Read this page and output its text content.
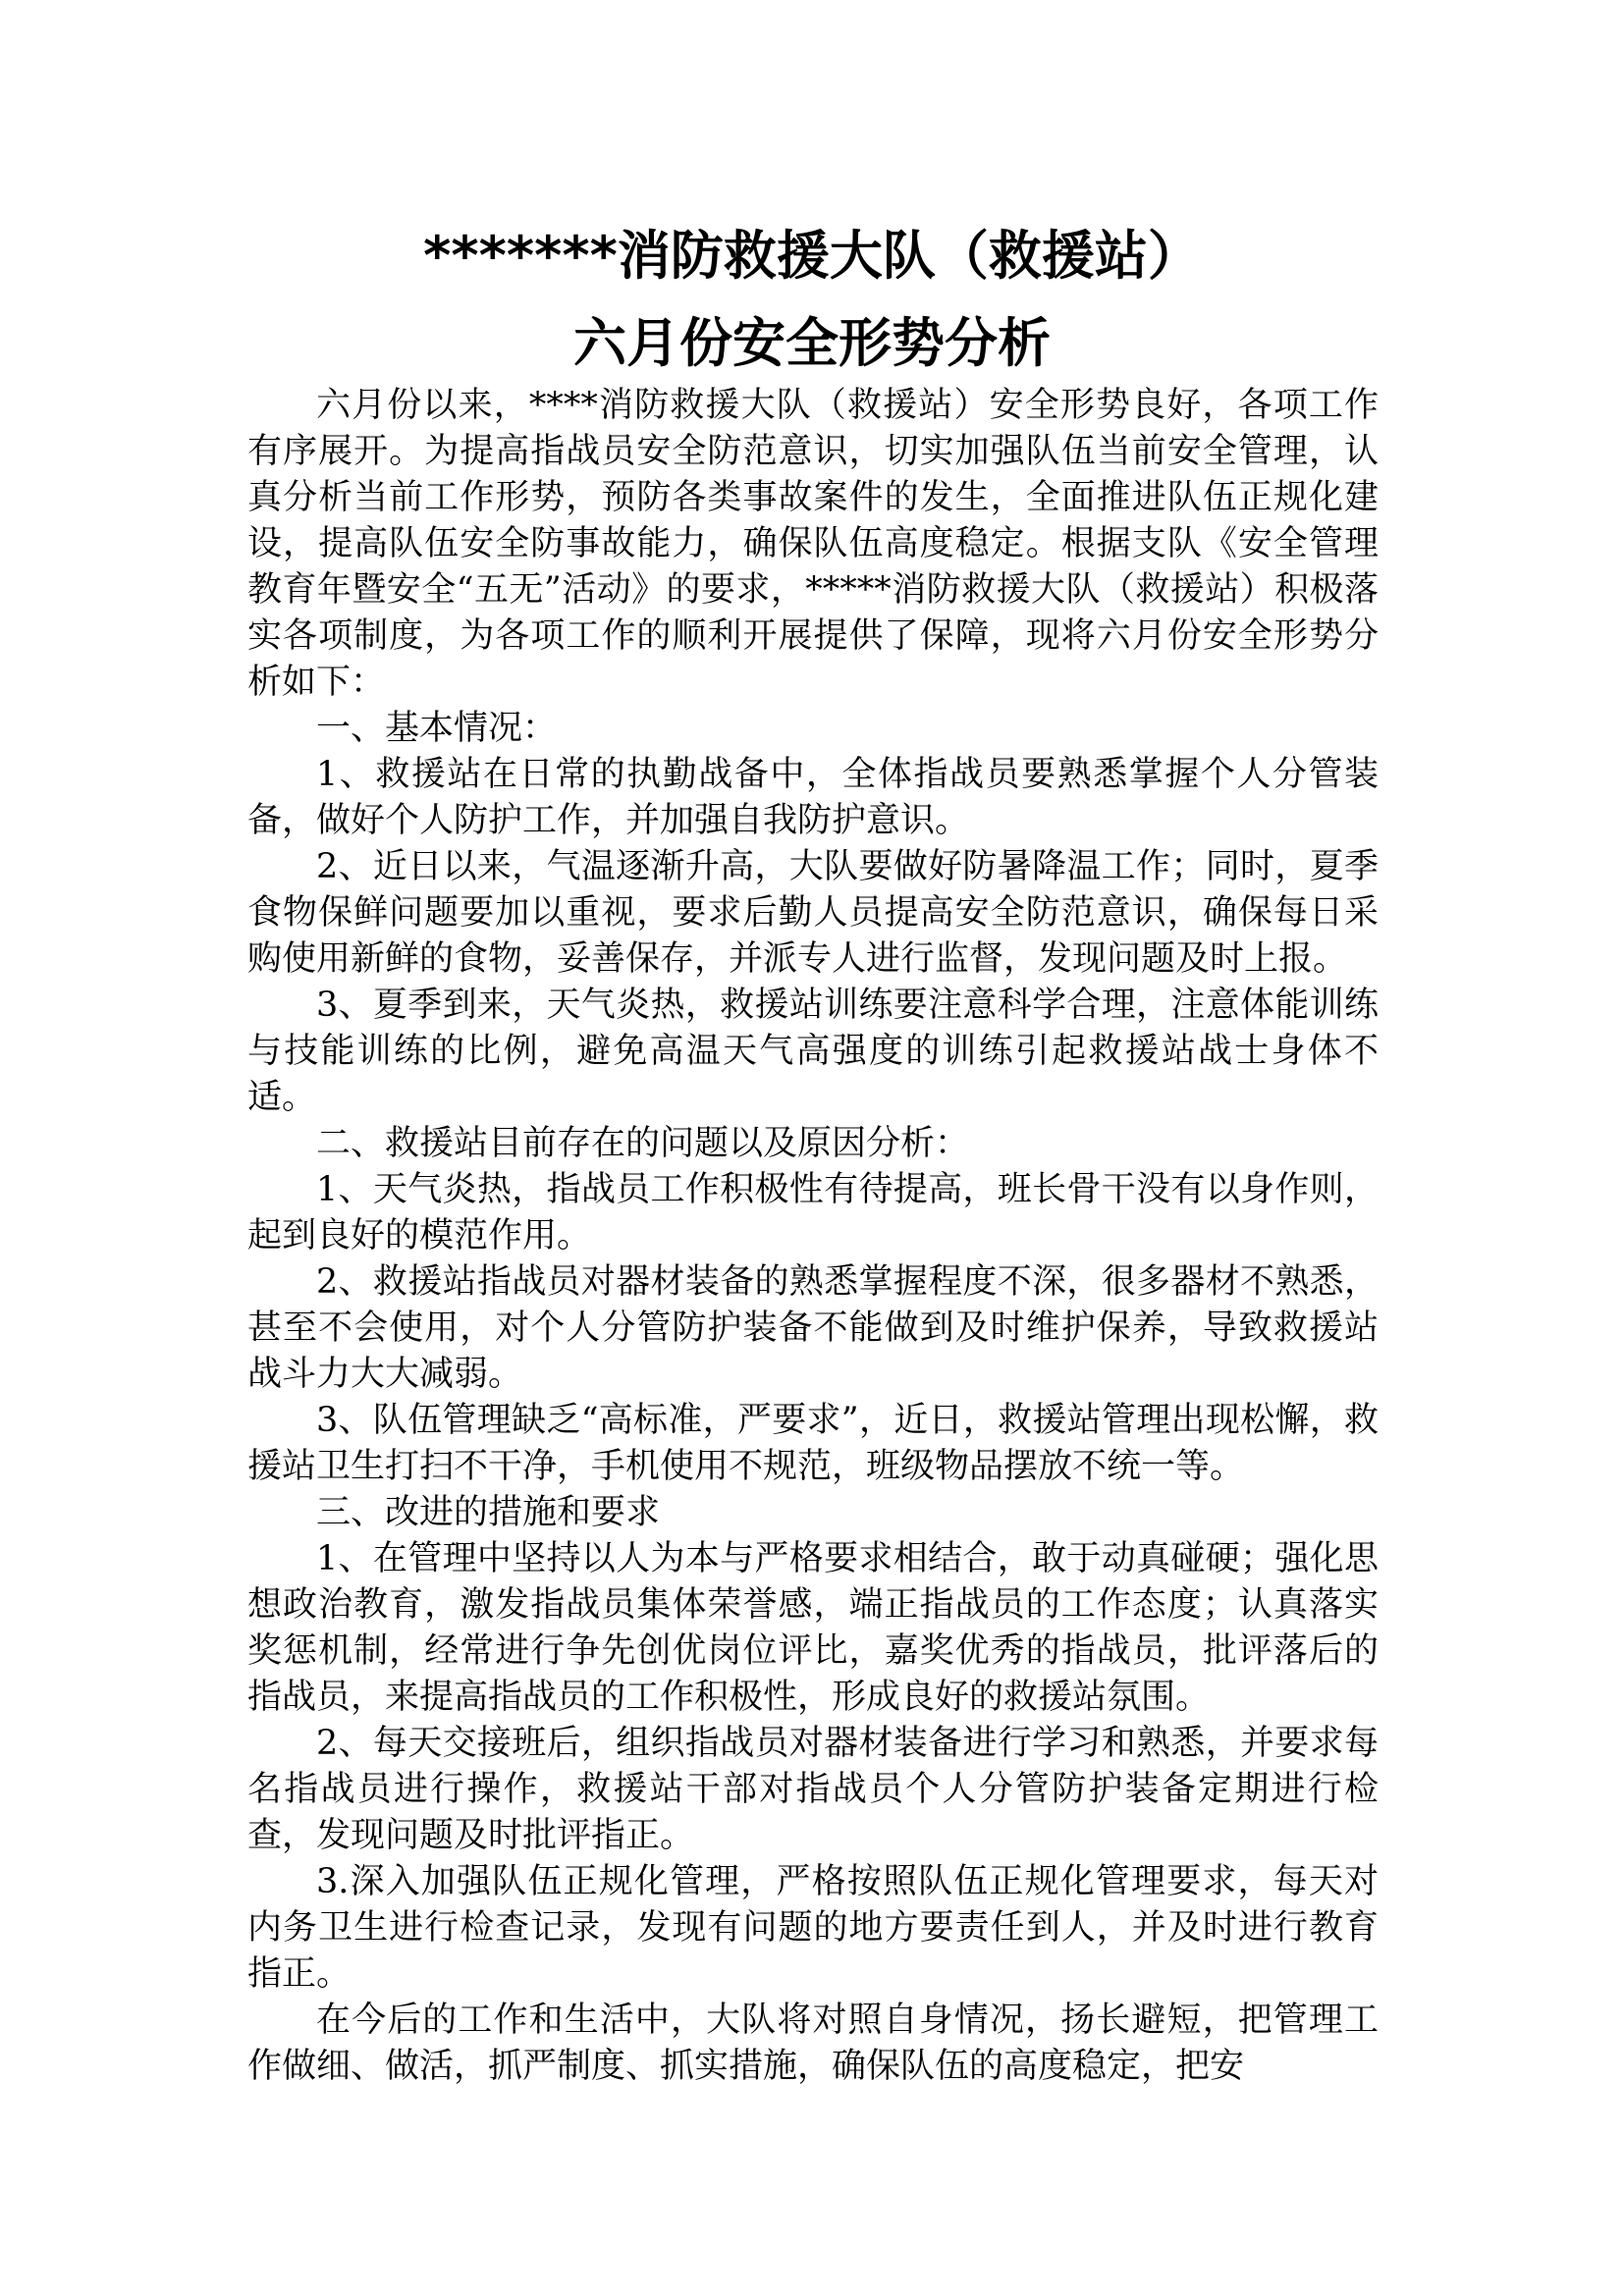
*******消防救援大队（救援站）
六月份安全形势分析

六月份以来，****消防救援大队（救援站）安全形势良好，各项工作有序展开。为提高指战员安全防范意识，切实加强队伍当前安全管理，认真分析当前工作形势，预防各类事故案件的发生，全面推进队伍正规化建设，提高队伍安全防事故能力，确保队伍高度稳定。根据支队《安全管理教育年暨安全“五无”活动》的要求，*****消防救援大队（救援站）积极落实各项制度，为各项工作的顺利开展提供了保障，现将六月份安全形势分析如下：

一、基本情况：

1、救援站在日常的执勤战备中，全体指战员要熟悉掌握个人分管装备，做好个人防护工作，并加强自我防护意识。

2、近日以来，气温逐渐升高，大队要做好防暑降温工作；同时，夏季食物保鲜问题要加以重视，要求后勤人员提高安全防范意识，确保每日采购使用新鲜的食物，妥善保存，并派专人进行监督，发现问题及时上报。

3、夏季到来，天气炎热，救援站训练要注意科学合理，注意体能训练与技能训练的比例，避免高温天气高强度的训练引起救援站战士身体不适。

二、救援站目前存在的问题以及原因分析：

1、天气炎热，指战员工作积极性有待提高，班长骨干没有以身作则，起到良好的模范作用。

2、救援站指战员对器材装备的熟悉掌握程度不深，很多器材不熟悉，甚至不会使用，对个人分管防护装备不能做到及时维护保养，导致救援站战斗力大大减弱。

3、队伍管理缺乏“高标准，严要求”，近日，救援站管理出现松懈，救援站卫生打扫不干净，手机使用不规范，班级物品摆放不统一等。

三、改进的措施和要求

1、在管理中坚持以人为本与严格要求相结合，敢于动真碰硬；强化思想政治教育，激发指战员集体荣誉感，端正指战员的工作态度；认真落实奖惩机制，经常进行争先创优岗位评比，嘉奖优秀的指战员，批评落后的指战员，来提高指战员的工作积极性，形成良好的救援站氛围。

2、每天交接班后，组织指战员对器材装备进行学习和熟悉，并要求每名指战员进行操作，救援站干部对指战员个人分管防护装备定期进行检查，发现问题及时批评指正。

3.深入加强队伍正规化管理，严格按照队伍正规化管理要求，每天对内务卫生进行检查记录，发现有问题的地方要责任到人，并及时进行教育指正。

在今后的工作和生活中，大队将对照自身情况，扬长避短，把管理工作做细、做活，抓严制度、抓实措施，确保队伍的高度稳定，把安
